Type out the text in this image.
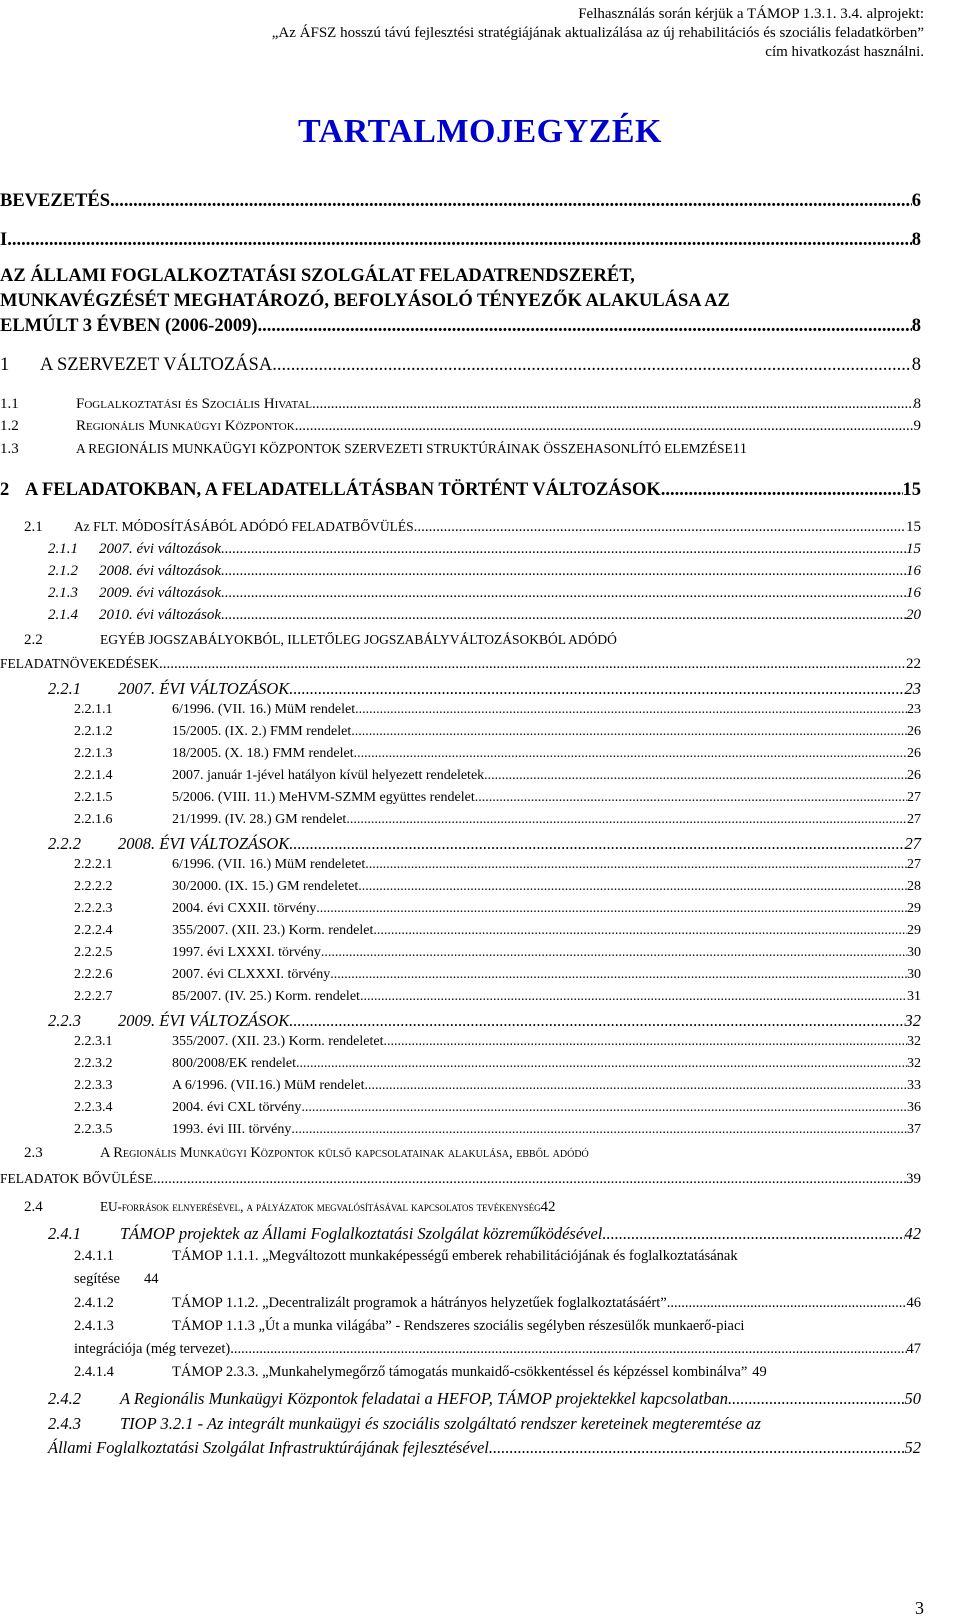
Felhasználás során kérjük a TÁMOP 1.3.1. 3.4. alprojekt:
„Az ÁFSZ hosszú távú fejlesztési stratégiájának aktualizálása az új rehabilitációs és szociális feladatkörben”
cím hivatkozást használni.
TARTALMOJEGYZÉK
BEVEZETÉS .....	6
I. .....	8
AZ ÁLLAMI FOGLALKOZTATÁSI SZOLGÁLAT FELADATRENDSZERÉT,
MUNKAVÉGZÉSÉT MEGHATÁROZÓ, BEFOLYÁSOLÓ TÉNYEZŐK ALAKULÁSA AZ
ELMÚLT 3 ÉVBEN (2006-2009). .....	8
1	A SZERVEZET VÁLTOZÁSA .....	8
1.1	Foglalkoztatási és Szociális Hivatal .....	8
1.2	Regionális Munkaügyi Központok .....	9
1.3	A REGIONÁLIS MUNKAÜGYI KÖZPONTOK SZERVEZETI STRUKTÚRÁINAK ÖSSZEHASONLÍTÓ ELEMZÉSE 11
2 A FELADATOKBAN, A FELADATELLÁTÁSBAN TÖRTÉNT VÁLTOZÁSOK .....	15
2.1	Az FLT. MÓDOSÍTÁSÁBÓL ADÓDÓ FELADATBŐVÜLÉS .....	15
2.1.1	2007. évi változások .....	15
2.1.2	2008. évi változások .....	16
2.1.3	2009. évi változások .....	16
2.1.4	2010. évi változások .....	20
2.2	EGYÉB JOGSZABÁLYOKBÓL, ILLETŐLEG JOGSZABÁLYVÁLTOZÁSOKBÓL ADÓDÓ
FELADATNÖVEKEDÉSEK .....	22
2.2.1	2007. ÉVI VÁLTOZÁSOK .....	23
2.2.1.1	6/1996. (VII. 16.) MüM rendelet .....	23
2.2.1.2	15/2005. (IX. 2.) FMM rendelet .....	26
2.2.1.3	18/2005. (X. 18.) FMM rendelet .....	26
2.2.1.4	2007. január 1-jével hatályon kívül helyezett rendeletek .....	26
2.2.1.5	5/2006. (VIII. 11.) MeHVM-SZMM együttes rendelet .....	27
2.2.1.6	21/1999. (IV. 28.) GM rendelet .....	27
2.2.2	2008. ÉVI VÁLTOZÁSOK .....	27
2.2.2.1	6/1996. (VII. 16.) MüM rendeletet .....	27
2.2.2.2	30/2000. (IX. 15.) GM rendeletet .....	28
2.2.2.3	2004. évi CXXII. törvény .....	29
2.2.2.4	355/2007. (XII. 23.) Korm. rendelet .....	29
2.2.2.5	1997. évi LXXXI. törvény .....	30
2.2.2.6	2007. évi CLXXXI. törvény .....	30
2.2.2.7	85/2007. (IV. 25.) Korm. rendelet .....	31
2.2.3	2009. ÉVI VÁLTOZÁSOK .....	32
2.2.3.1	355/2007. (XII. 23.) Korm. rendeletet .....	32
2.2.3.2	800/2008/EK rendelet .....	32
2.2.3.3	A 6/1996. (VII.16.) MüM rendelet .....	33
2.2.3.4	2004. évi CXL törvény .....	36
2.2.3.5	1993. évi III. törvény .....	37
2.3	A Regionális Munkaügyi Központok külső kapcsolatainak alakulása, ebből adódó
FELADATOK BŐVÜLÉSE .....	39
2.4	EU-források elnyerésével, a pályázatok megvalósításával kapcsolatos tevékenység 42
2.4.1	TÁMOP projektek az Állami Foglalkoztatási Szolgálat közreműködésével .....	42
2.4.1.1	TÁMOP 1.1.1. „Megváltozott munkaképességű emberek rehabilitációjának és foglalkoztatásának
segítése 44
2.4.1.2	TÁMOP 1.1.2. „Decentralizált programok a hátrányos helyzetűek foglalkoztatásáért” .....	46
2.4.1.3	TÁMOP 1.1.3 „Út a munka világába” - Rendszeres szociális segélyben részesülők munkaerő-piaci
integrációja (még tervezet) .....	47
2.4.1.4	TÁMOP 2.3.3. „Munkahelymegőrző támogatás munkaidő-csökkentéssel és képzéssel kombinálva” 49
2.4.2	A Regionális Munkaügyi Központok feladatai a HEFOP, TÁMOP projektekkel kapcsolatban .....	50
2.4.3 TIOP 3.2.1 - Az integrált munkaügyi és szociális szolgáltató rendszer kereteinek megteremtése az
Állami Foglalkoztatási Szolgálat Infrastruktúrájának fejlesztésével .....	52
3
